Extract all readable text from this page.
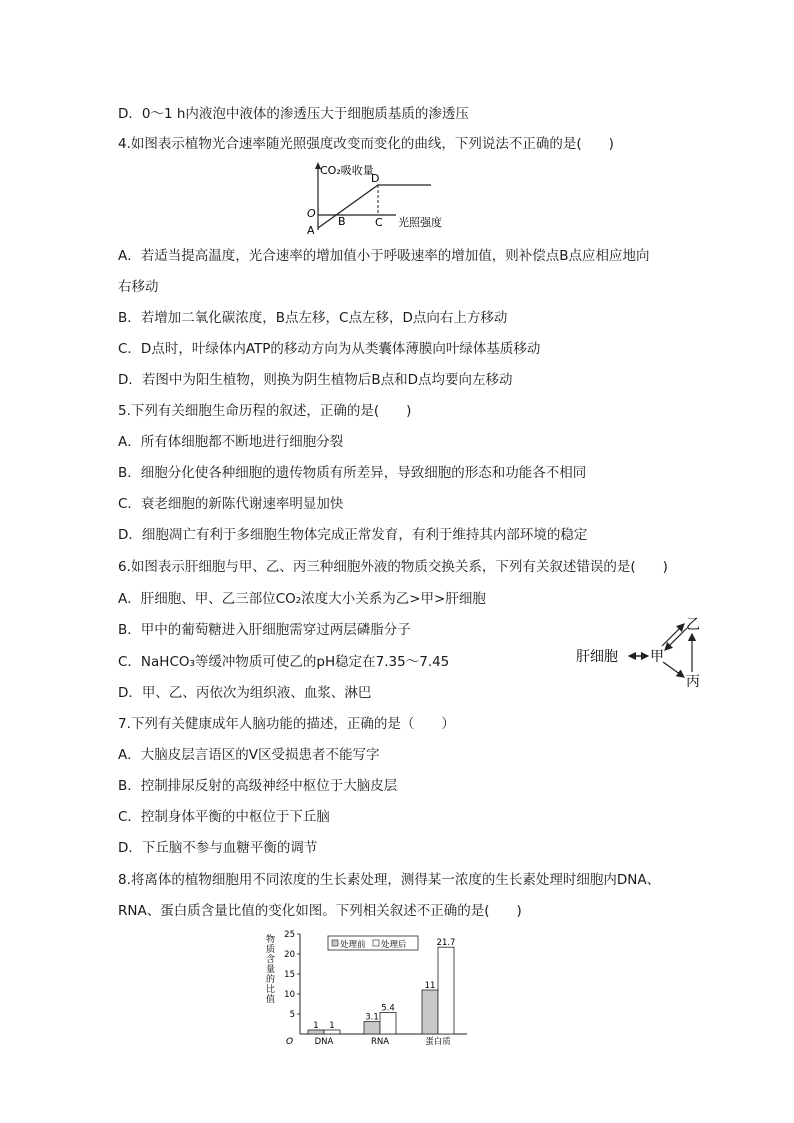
D．0～1 h内液泡中液体的渗透压大于细胞质基质的渗透压
4.如图表示植物光合速率随光照强度改变而变化的曲线，下列说法不正确的是(　　)
CO₂吸收量
光照强度
O
A
B	C
D
A．若适当提高温度，光合速率的增加值小于呼吸速率的增加值，则补偿点B点应相应地向
右移动
B．若增加二氧化碳浓度，B点左移，C点左移，D点向右上方移动
C．D点时，叶绿体内ATP的移动方向为从类囊体薄膜向叶绿体基质移动
D．若图中为阳生植物，则换为阴生植物后B点和D点均要向左移动
5.下列有关细胞生命历程的叙述，正确的是(　　)
A．所有体细胞都不断地进行细胞分裂
B．细胞分化使各种细胞的遗传物质有所差异，导致细胞的形态和功能各不相同
C．衰老细胞的新陈代谢速率明显加快
D．细胞凋亡有利于多细胞生物体完成正常发育，有利于维持其内部环境的稳定
6.如图表示肝细胞与甲、乙、丙三种细胞外液的物质交换关系，下列有关叙述错误的是(　　)
A．肝细胞、甲、乙三部位CO₂浓度大小关系为乙>甲>肝细胞
B．甲中的葡萄糖进入肝细胞需穿过两层磷脂分子
C．NaHCO₃等缓冲物质可使乙的pH稳定在7.35～7.45
D．甲、乙、丙依次为组织液、血浆、淋巴
肝细胞 甲
乙
丙
7.下列有关健康成年人脑功能的描述，正确的是（　　）
A．大脑皮层言语区的V区受损患者不能写字
B．控制排尿反射的高级神经中枢位于大脑皮层
C．控制身体平衡的中枢位于下丘脑
D．下丘脑不参与血糖平衡的调节
8.将离体的植物细胞用不同浓度的生长素处理，测得某一浓度的生长素处理时细胞内DNA、
RNA、蛋白质含量比值的变化如图。下列相关叙述不正确的是(　　)
O
处理前 处理后
物
质
含
量
的
比
值
5
10
15
20
25
1 1
DNA
3.1
5.4
RNA
11
21.7
蛋白质
